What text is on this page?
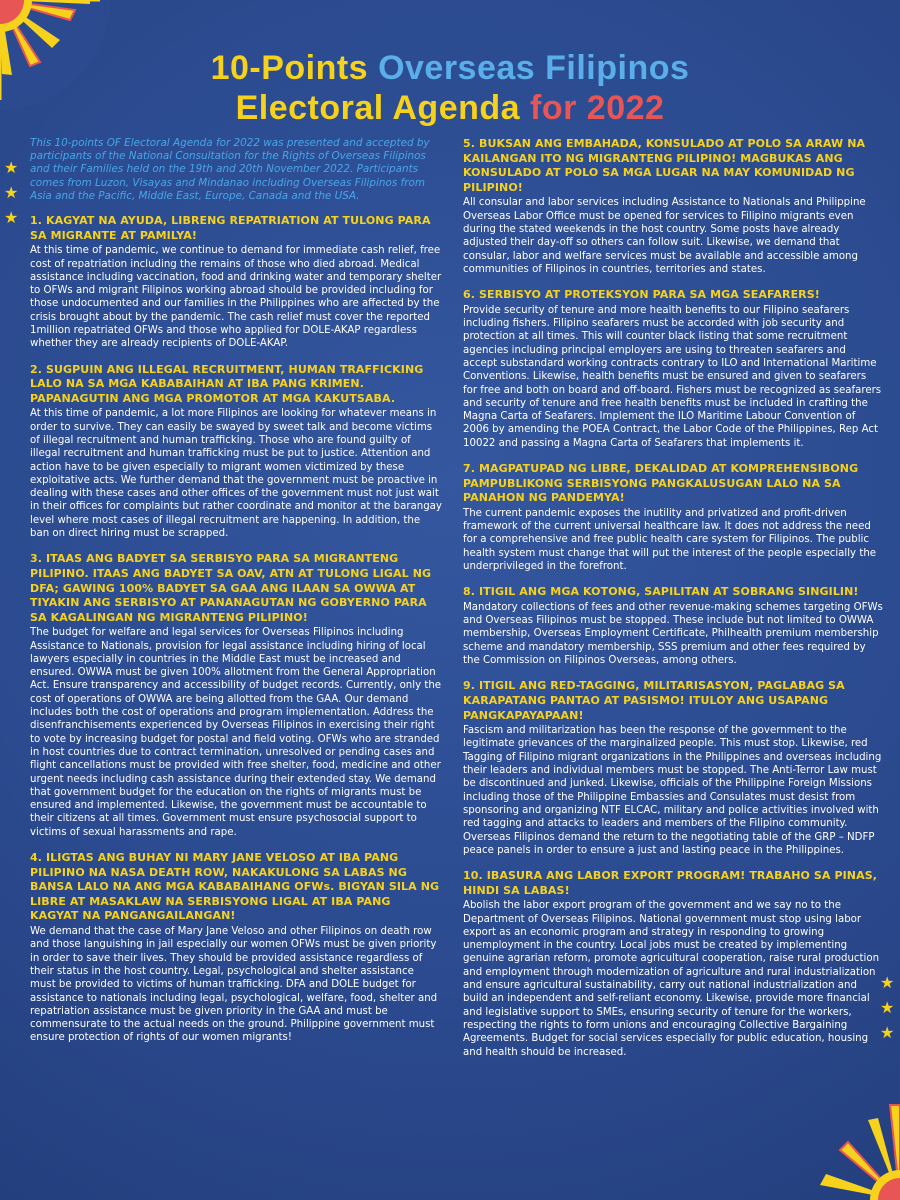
★
★
★
★
★
★
10-Points Overseas Filipinos
Electoral Agenda for 2022

This 10-points OF Electoral Agenda for 2022 was presented and accepted by participants of the National Consultation for the Rights of Overseas Filipinos and their Families held on the 19th and 20th November 2022. Participants comes from Luzon, Visayas and Mindanao including Overseas Filipinos from Asia and the Pacific, Middle East, Europe, Canada and the USA.

1. KAGYAT NA AYUDA, LIBRENG REPATRIATION AT TULONG PARA SA MIGRANTE AT PAMILYA!

At this time of pandemic, we continue to demand for immediate cash relief, free cost of repatriation including the remains of those who died abroad. Medical assistance including vaccination, food and drinking water and temporary shelter to OFWs and migrant Filipinos working abroad should be provided including for those undocumented and our families in the Philippines who are affected by the crisis brought about by the pandemic. The cash relief must cover the reported 1million repatriated OFWs and those who applied for DOLE-AKAP regardless whether they are already recipients of DOLE-AKAP.

2. SUGPUIN ANG ILLEGAL RECRUITMENT, HUMAN TRAFFICKING LALO NA SA MGA KABABAIHAN AT IBA PANG KRIMEN. PAPANAGUTIN ANG MGA PROMOTOR AT MGA KAKUTSABA.

At this time of pandemic, a lot more Filipinos are looking for whatever means in order to survive. They can easily be swayed by sweet talk and become victims of illegal recruitment and human trafficking. Those who are found guilty of illegal recruitment and human trafficking must be put to justice. Attention and action have to be given especially to migrant women victimized by these exploitative acts. We further demand that the government must be proactive in dealing with these cases and other offices of the government must not just wait in their offices for complaints but rather coordinate and monitor at the barangay level where most cases of illegal recruitment are happening. In addition, the ban on direct hiring must be scrapped.

3. ITAAS ANG BADYET SA SERBISYO PARA SA MIGRANTENG PILIPINO. ITAAS ANG BADYET SA OAV, ATN AT TULONG LIGAL NG DFA; GAWING 100% BADYET SA GAA ANG ILAAN SA OWWA AT TIYAKIN ANG SERBISYO AT PANANAGUTAN NG GOBYERNO PARA SA KAGALINGAN NG MIGRANTENG PILIPINO!

The budget for welfare and legal services for Overseas Filipinos including Assistance to Nationals, provision for legal assistance including hiring of local lawyers especially in countries in the Middle East must be increased and ensured. OWWA must be given 100% allotment from the General Appropriation Act. Ensure transparency and accessibility of budget records. Currently, only the cost of operations of OWWA are being allotted from the GAA. Our demand includes both the cost of operations and program implementation. Address the disenfranchisements experienced by Overseas Filipinos in exercising their right to vote by increasing budget for postal and field voting. OFWs who are stranded in host countries due to contract termination, unresolved or pending cases and flight cancellations must be provided with free shelter, food, medicine and other urgent needs including cash assistance during their extended stay. We demand that government budget for the education on the rights of migrants must be ensured and implemented. Likewise, the government must be accountable to their citizens at all times. Government must ensure psychosocial support to victims of sexual harassments and rape.

4. ILIGTAS ANG BUHAY NI MARY JANE VELOSO AT IBA PANG PILIPINO NA NASA DEATH ROW, NAKAKULONG SA LABAS NG BANSA LALO NA ANG MGA KABABAIHANG OFWs. BIGYAN SILA NG LIBRE AT MASAKLAW NA SERBISYONG LIGAL AT IBA PANG KAGYAT NA PANGANGAILANGAN!

We demand that the case of Mary Jane Veloso and other Filipinos on death row and those languishing in jail especially our women OFWs must be given priority in order to save their lives. They should be provided assistance regardless of their status in the host country. Legal, psychological and shelter assistance must be provided to victims of human trafficking. DFA and DOLE budget for assistance to nationals including legal, psychological, welfare, food, shelter and repatriation assistance must be given priority in the GAA and must be commensurate to the actual needs on the ground. Philippine government must ensure protection of rights of our women migrants!

5. BUKSAN ANG EMBAHADA, KONSULADO AT POLO SA ARAW NA KAILANGAN ITO NG MIGRANTENG PILIPINO! MAGBUKAS ANG KONSULADO AT POLO SA MGA LUGAR NA MAY KOMUNIDAD NG PILIPINO!

All consular and labor services including Assistance to Nationals and Philippine Overseas Labor Office must be opened for services to Filipino migrants even during the stated weekends in the host country. Some posts have already adjusted their day-off so others can follow suit. Likewise, we demand that consular, labor and welfare services must be available and accessible among communities of Filipinos in countries, territories and states.

6. SERBISYO AT PROTEKSYON PARA SA MGA SEAFARERS!

Provide security of tenure and more health benefits to our Filipino seafarers including fishers. Filipino seafarers must be accorded with job security and protection at all times. This will counter black listing that some recruitment agencies including principal employers are using to threaten seafarers and accept substandard working contracts contrary to ILO and International Maritime Conventions. Likewise, health benefits must be ensured and given to seafarers for free and both on board and off-board. Fishers must be recognized as seafarers and security of tenure and free health benefits must be included in crafting the Magna Carta of Seafarers. Implement the ILO Maritime Labour Convention of 2006 by amending the POEA Contract, the Labor Code of the Philippines, Rep Act 10022 and passing a Magna Carta of Seafarers that implements it.

7. MAGPATUPAD NG LIBRE, DEKALIDAD AT KOMPREHENSIBONG PAMPUBLIKONG SERBISYONG PANGKALUSUGAN LALO NA SA PANAHON NG PANDEMYA!

The current pandemic exposes the inutility and privatized and profit-driven framework of the current universal healthcare law. It does not address the need for a comprehensive and free public health care system for Filipinos. The public health system must change that will put the interest of the people especially the underprivileged in the forefront.

8. ITIGIL ANG MGA KOTONG, SAPILITAN AT SOBRANG SINGILIN!

Mandatory collections of fees and other revenue-making schemes targeting OFWs and Overseas Filipinos must be stopped. These include but not limited to OWWA membership, Overseas Employment Certificate, Philhealth premium membership scheme and mandatory membership, SSS premium and other fees required by the Commission on Filipinos Overseas, among others.

9. ITIGIL ANG RED-TAGGING, MILITARISASYON, PAGLABAG SA KARAPATANG PANTAO AT PASISMO! ITULOY ANG USAPANG PANGKAPAYAPAAN!

Fascism and militarization has been the response of the government to the legitimate grievances of the marginalized people. This must stop. Likewise, red Tagging of Filipino migrant organizations in the Philippines and overseas including their leaders and individual members must be stopped. The Anti-Terror Law must be discontinued and junked. Likewise, officials of the Philippine Foreign Missions including those of the Philippine Embassies and Consulates must desist from sponsoring and organizing NTF ELCAC, military and police activities involved with red tagging and attacks to leaders and members of the Filipino community. Overseas Filipinos demand the return to the negotiating table of the GRP – NDFP peace panels in order to ensure a just and lasting peace in the Philippines.

10. IBASURA ANG LABOR EXPORT PROGRAM! TRABAHO SA PINAS, HINDI SA LABAS!

Abolish the labor export program of the government and we say no to the Department of Overseas Filipinos. National government must stop using labor export as an economic program and strategy in responding to growing unemployment in the country. Local jobs must be created by implementing genuine agrarian reform, promote agricultural cooperation, raise rural production and employment through modernization of agriculture and rural industrialization and ensure agricultural sustainability, carry out national industrialization and build an independent and self-reliant economy. Likewise, provide more financial and legislative support to SMEs, ensuring security of tenure for the workers, respecting the rights to form unions and encouraging Collective Bargaining Agreements. Budget for social services especially for public education, housing and health should be increased.
